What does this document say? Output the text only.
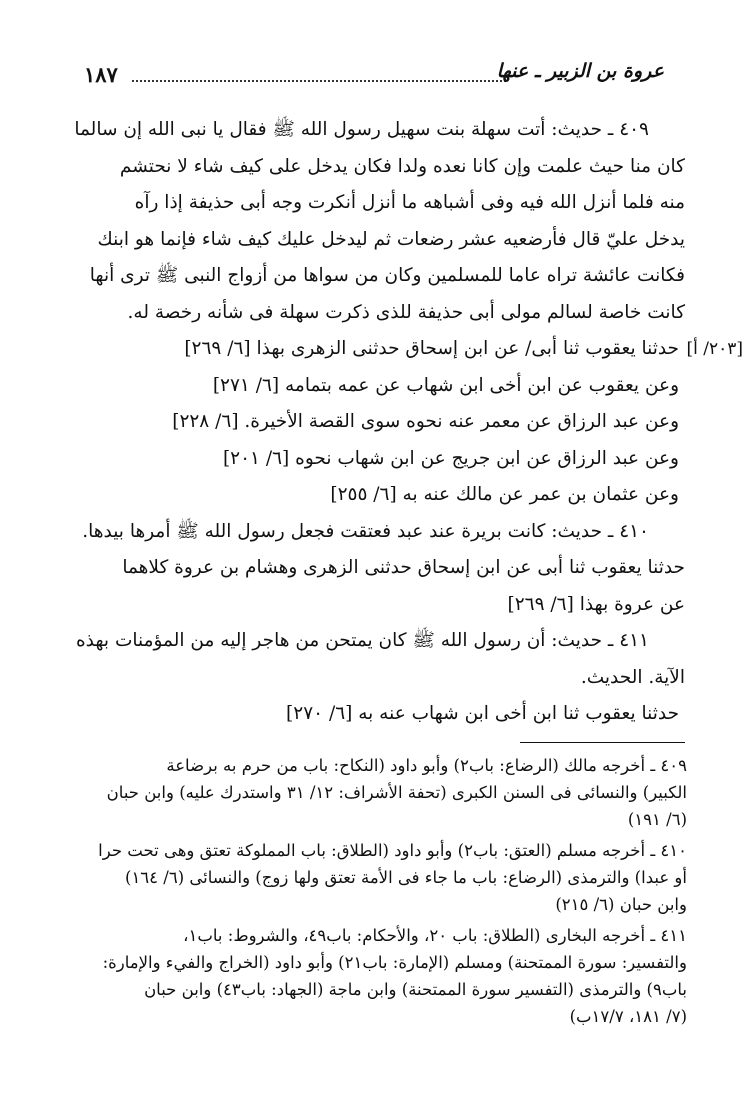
١٨٧	عروة بن الزبير ـ عنها
٤٠٩ ـ حديث: أتت سهلة بنت سهيل رسول الله ﷺ فقال يا نبى الله إن سالما
كان منا حيث علمت وإن كانا نعده ولدا فكان يدخل على كيف شاء لا نحتشم
منه فلما أنزل الله فيه وفى أشباهه ما أنزل أنكرت وجه أبى حذيفة إذا رآه
يدخل عليّ قال فأرضعيه عشر رضعات ثم ليدخل عليك كيف شاء فإنما هو ابنك
فكانت عائشة تراه عاما للمسلمين وكان من سواها من أزواج النبى ﷺ ترى أنها
كانت خاصة لسالم مولى أبى حذيفة للذى ذكرت سهلة فى شأنه رخصة له.
[٢٠٣/ أ]
حدثنا يعقوب ثنا أبى/ عن ابن إسحاق حدثنى الزهرى بهذا [٦/ ٢٦٩]
وعن يعقوب عن ابن أخى ابن شهاب عن عمه بتمامه [٦/ ٢٧١]
وعن عبد الرزاق عن معمر عنه نحوه سوى القصة الأخيرة. [٦/ ٢٢٨]
وعن عبد الرزاق عن ابن جريج عن ابن شهاب نحوه [٦/ ٢٠١]
وعن عثمان بن عمر عن مالك عنه به [٦/ ٢٥٥]
٤١٠ ـ حديث: كانت بريرة عند عبد فعتقت فجعل رسول الله ﷺ أمرها بيدها.
حدثنا يعقوب ثنا أبى عن ابن إسحاق حدثنى الزهرى وهشام بن عروة كلاهما
عن عروة بهذا [٦/ ٢٦٩]
٤١١ ـ حديث: أن رسول الله ﷺ كان يمتحن من هاجر إليه من المؤمنات بهذه
الآية. الحديث.
حدثنا يعقوب ثنا ابن أخى ابن شهاب عنه به [٦/ ٢٧٠]
٤٠٩ ـ أخرجه مالك (الرضاع: باب٢) وأبو داود (النكاح: باب من حرم به برضاعة
الكبير) والنسائى فى السنن الكبرى (تحفة الأشراف: ١٢/ ٣١ واستدرك عليه) وابن حبان
(٦/ ١٩١)
٤١٠ ـ أخرجه مسلم (العتق: باب٢) وأبو داود (الطلاق: باب المملوكة تعتق وهى تحت حرا
أو عبدا) والترمذى (الرضاع: باب ما جاء فى الأمة تعتق ولها زوج) والنسائى (٦/ ١٦٤)
وابن حبان (٦/ ٢١٥)
٤١١ ـ أخرجه البخارى (الطلاق: باب ٢٠، والأحكام: باب٤٩، والشروط: باب١،
والتفسير: سورة الممتحنة) ومسلم (الإمارة: باب٢١) وأبو داود (الخراج والفيء والإمارة:
باب٩) والترمذى (التفسير سورة الممتحنة) وابن ماجة (الجهاد: باب٤٣) وابن حبان
(٧/ ١٨١، ١٧/٧ب)
